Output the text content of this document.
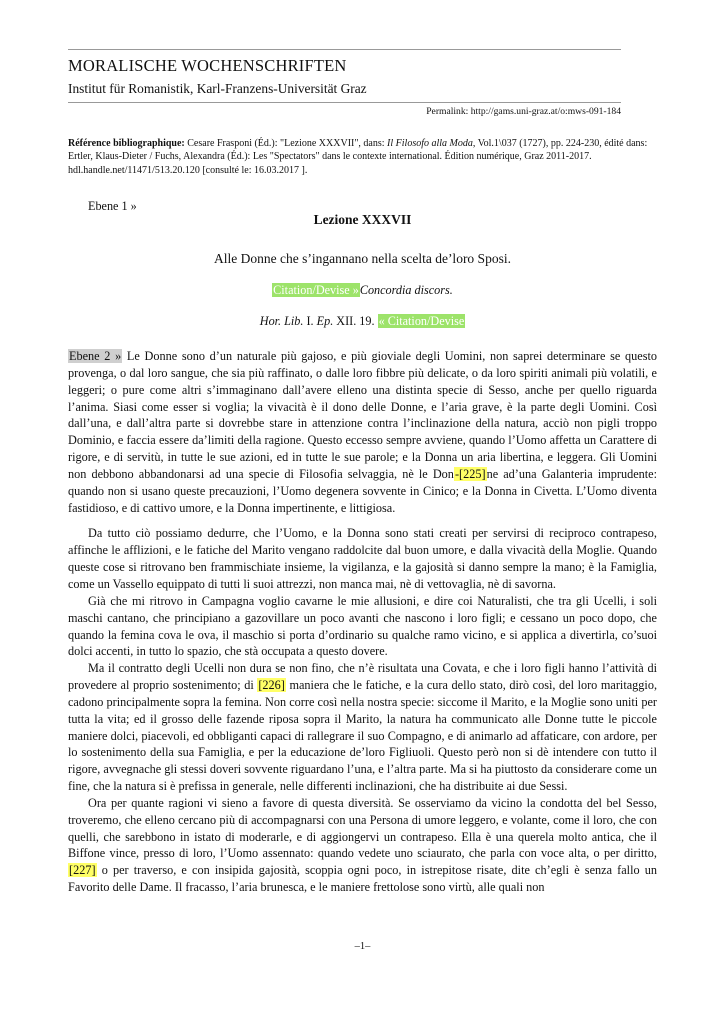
MORALISCHE WOCHENSCHRIFTEN
Institut für Romanistik, Karl-Franzens-Universität Graz
Permalink: http://gams.uni-graz.at/o:mws-091-184
Référence bibliographique: Cesare Frasponi (Éd.): "Lezione XXXVII", dans: Il Filosofo alla Moda, Vol.1\037 (1727), pp. 224-230, édité dans: Ertler, Klaus-Dieter / Fuchs, Alexandra (Éd.): Les "Spectators" dans le contexte international. Édition numérique, Graz 2011-2017. hdl.handle.net/11471/513.20.120 [consulté le: 16.03.2017 ].
Ebene 1 »
Lezione XXXVII
Alle Donne che s’ingannano nella scelta de’loro Sposi.
Citation/Devise »Concordia discors.
Hor. Lib. I. Ep. XII. 19. « Citation/Devise

Ebene 2 » Le Donne sono d’un naturale più gajoso, e più gioviale degli Uomini, non saprei determinare se questo provenga, o dal loro sangue, che sia più raffinato, o dalle loro fibbre più delicate, o da loro spiriti animali più volatili, e leggeri; o pure come altri s’immaginano dall’avere elleno una distinta specie di Sesso, anche per quello riguarda l’anima. Siasi come esser si voglia; la vivacità è il dono delle Donne, e l’aria grave, è la parte degli Uomini. Così dall’una, e dall’altra parte si dovrebbe stare in attenzione contra l’inclinazione della natura, acciò non pigli troppo Dominio, e faccia essere da’limiti della ragione. Questo eccesso sempre avviene, quando l’Uomo affetta un Carattere di rigore, e di servitù, in tutte le sue azioni, ed in tutte le sue parole; e la Donna un aria libertina, e leggera. Gli Uomini non debbono abbandonarsi ad una specie di Filosofia selvaggia, nè le Don-[225]ne ad’una Galanteria imprudente: quando non si usano queste precauzioni, l’Uomo degenera sovvente in Cinico; e la Donna in Civetta. L’Uomo diventa fastidioso, e di cattivo umore, e la Donna impertinente, e littigiosa.

Da tutto ciò possiamo dedurre, che l’Uomo, e la Donna sono stati creati per servirsi di reciproco contrapeso, affinche le afflizioni, e le fatiche del Marito vengano raddolcite dal buon umore, e dalla vivacità della Moglie. Quando queste cose si ritrovano ben frammischiate insieme, la vigilanza, e la gajosità si danno sempre la mano; è la Famiglia, come un Vassello equippato di tutti li suoi attrezzi, non manca mai, nè di vettovaglia, nè di savorna.

Già che mi ritrovo in Campagna voglio cavarne le mie allusioni, e dire coi Naturalisti, che tra gli Ucelli, i soli maschi cantano, che principiano a gazovillare un poco avanti che nascono i loro figli; e cessano un poco dopo, che quando la femina cova le ova, il maschio si porta d’ordinario su qualche ramo vicino, e si applica a divertirla, co’suoi dolci accenti, in tutto lo spazio, che stà occupata a questo dovere.

Ma il contratto degli Ucelli non dura se non fino, che n’è risultata una Covata, e che i loro figli hanno l’attività di provedere al proprio sostenimento; di [226] maniera che le fatiche, e la cura dello stato, dirò così, del loro maritaggio, cadono principalmente sopra la femina. Non corre così nella nostra specie: siccome il Marito, e la Moglie sono uniti per tutta la vita; ed il grosso delle fazende riposa sopra il Marito, la natura ha communicato alle Donne tutte le piccole maniere dolci, piacevoli, ed obbliganti capaci di rallegrare il suo Compagno, e di animarlo ad affaticare, con ardore, per lo sostenimento della sua Famiglia, e per la educazione de’loro Figliuoli. Questo però non si dè intendere con tutto il rigore, avvegnache gli stessi doveri sovvente riguardano l’una, e l’altra parte. Ma si ha piuttosto da considerare come un fine, che la natura si è prefissa in generale, nelle differenti inclinazioni, che ha distribuite ai due Sessi.

Ora per quante ragioni vi sieno a favore di questa diversità. Se osserviamo da vicino la condotta del bel Sesso, troveremo, che elleno cercano più di accompagnarsi con una Persona di umore leggero, e volante, come il loro, che con quelli, che sarebbono in istato di moderarle, e di aggiongervi un contrapeso. Ella è una querela molto antica, che il Biffone vince, presso di loro, l’Uomo assennato: quando vedete uno sciaurato, che parla con voce alta, o per diritto, [227] o per traverso, e con insipida gajosità, scoppia ogni poco, in istrepitose risate, dite ch’egli è senza fallo un Favorito delle Dame. Il fracasso, l’aria brunesca, e le maniere frettolose sono virtù, alle quali non

–1–
